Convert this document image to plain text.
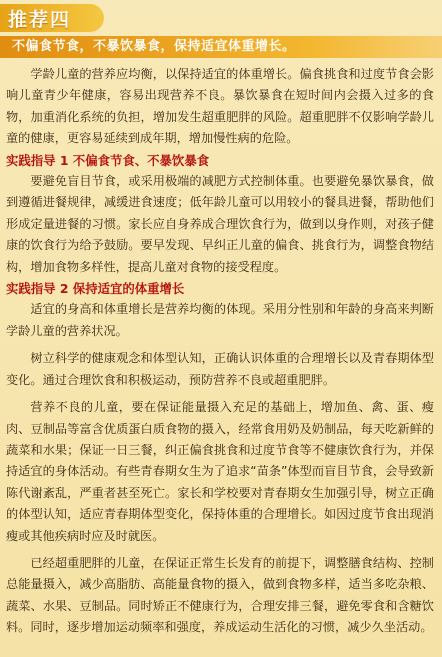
推荐四
不偏食节食，不暴饮暴食，保持适宜体重增长。

学龄儿童的营养应均衡，以保持适宜的体重增长。偏食挑食和过度节食会影响儿童青少年健康，容易出现营养不良。暴饮暴食在短时间内会摄入过多的食物，加重消化系统的负担，增加发生超重肥胖的风险。超重肥胖不仅影响学龄儿童的健康，更容易延续到成年期，增加慢性病的危险。

实践指导 1 不偏食节食、不暴饮暴食

要避免盲目节食，或采用极端的减肥方式控制体重。也要避免暴饮暴食，做到遵循进餐规律，减缓进食速度；低年龄儿童可以用较小的餐具进餐，帮助他们形成定量进餐的习惯。家长应自身养成合理饮食行为，做到以身作则，对孩子健康的饮食行为给予鼓励。要早发现、早纠正儿童的偏食、挑食行为，调整食物结构，增加食物多样性，提高儿童对食物的接受程度。

实践指导 2 保持适宜的体重增长

适宜的身高和体重增长是营养均衡的体现。采用分性别和年龄的身高来判断学龄儿童的营养状况。

树立科学的健康观念和体型认知，正确认识体重的合理增长以及青春期体型变化。通过合理饮食和积极运动，预防营养不良或超重肥胖。

营养不良的儿童，要在保证能量摄入充足的基础上，增加鱼、禽、蛋、瘦肉、豆制品等富含优质蛋白质食物的摄入，经常食用奶及奶制品，每天吃新鲜的蔬菜和水果；保证一日三餐，纠正偏食挑食和过度节食等不健康饮食行为，并保持适宜的身体活动。有些青春期女生为了追求“苗条”体型而盲目节食，会导致新陈代谢紊乱，严重者甚至死亡。家长和学校要对青春期女生加强引导，树立正确的体型认知，适应青春期体型变化，保持体重的合理增长。如因过度节食出现消瘦或其他疾病时应及时就医。

已经超重肥胖的儿童，在保证正常生长发育的前提下，调整膳食结构、控制总能量摄入，减少高脂肪、高能量食物的摄入，做到食物多样，适当多吃杂粮、蔬菜、水果、豆制品。同时矫正不健康行为，合理安排三餐，避免零食和含糖饮料。同时，逐步增加运动频率和强度，养成运动生活化的习惯，减少久坐活动。
